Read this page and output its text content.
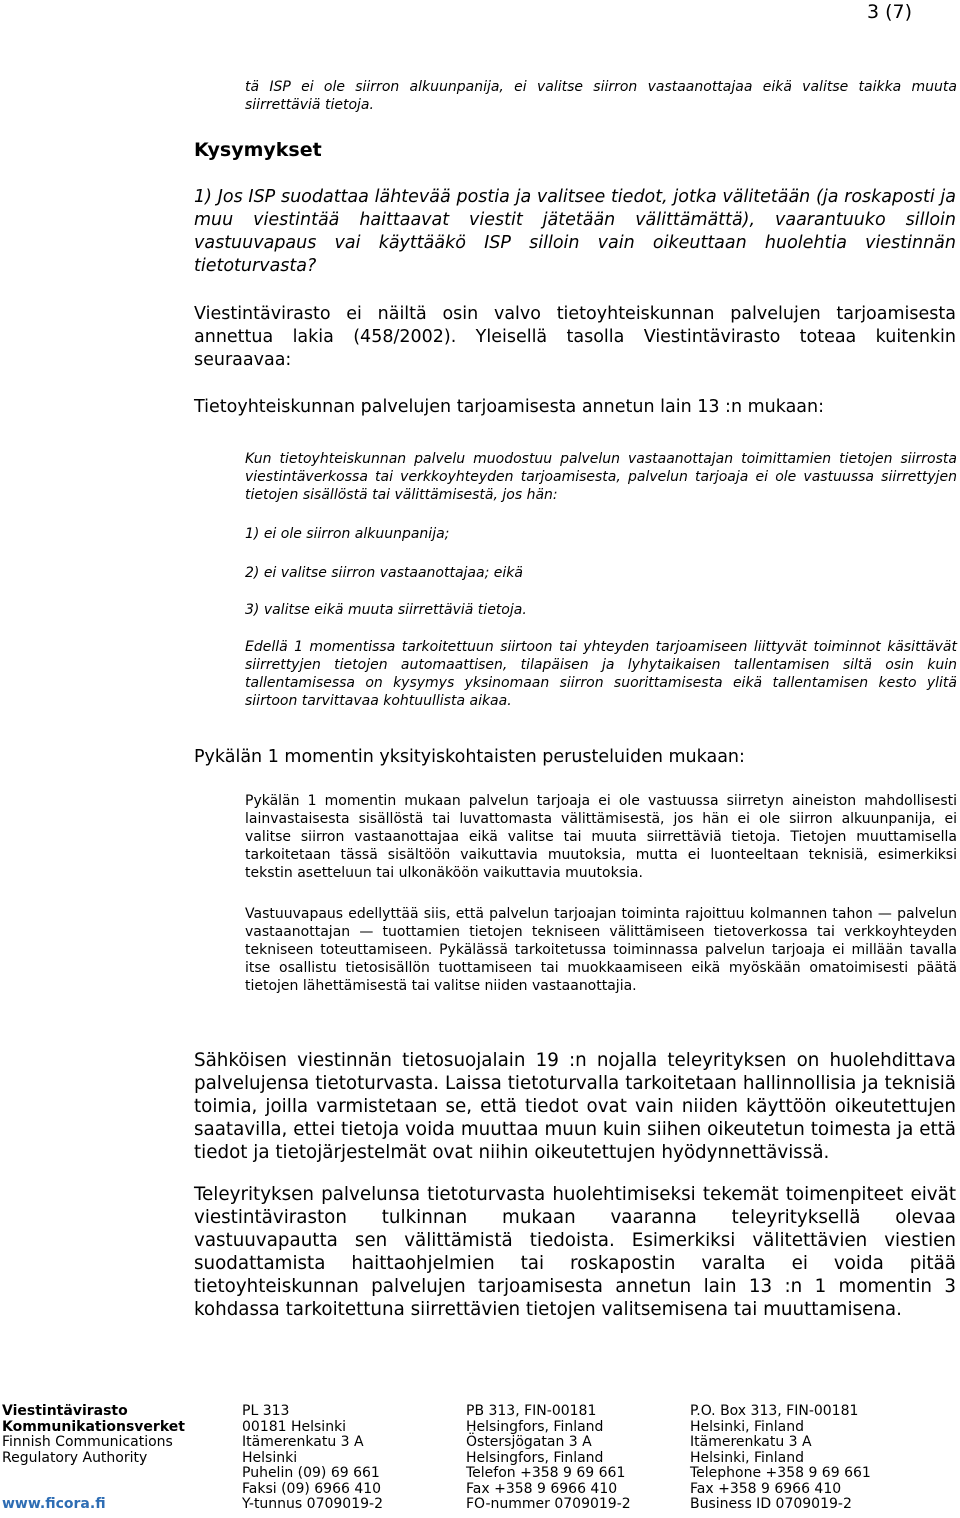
3 (7)
tä ISP ei ole siirron alkuunpanija, ei valitse siirron vastaanottajaa eikä valitse taikka muuta siirrettäviä tietoja.
Kysymykset
1) Jos ISP suodattaa lähtevää postia ja valitsee tiedot, jotka välitetään (ja roskaposti ja muu viestintää haittaavat viestit jätetään välittämättä), vaarantuuko silloin vastuuvapaus vai käyttääkö ISP silloin vain oikeuttaan huolehtia viestinnän tietoturvasta?
Viestintävirasto ei näiltä osin valvo tietoyhteiskunnan palvelujen tarjoamisesta annettua lakia (458/2002). Yleisellä tasolla Viestintävirasto toteaa kuitenkin seuraavaa:
Tietoyhteiskunnan palvelujen tarjoamisesta annetun lain 13 :n mukaan:
Kun tietoyhteiskunnan palvelu muodostuu palvelun vastaanottajan toimittamien tietojen siirrosta viestintäverkossa tai verkkoyhteyden tarjoamisesta, palvelun tarjoaja ei ole vastuussa siirrettyjen tietojen sisällöstä tai välittämisestä, jos hän:
1) ei ole siirron alkuunpanija;
2) ei valitse siirron vastaanottajaa; eikä
3) valitse eikä muuta siirrettäviä tietoja.
Edellä 1 momentissa tarkoitettuun siirtoon tai yhteyden tarjoamiseen liittyvät toiminnot käsittävät siirrettyjen tietojen automaattisen, tilapäisen ja lyhytaikaisen tallentamisen siltä osin kuin tallentamisessa on kysymys yksinomaan siirron suorittamisesta eikä tallentamisen kesto ylitä siirtoon tarvittavaa kohtuullista aikaa.
Pykälän 1 momentin yksityiskohtaisten perusteluiden mukaan:
Pykälän 1 momentin mukaan palvelun tarjoaja ei ole vastuussa siirretyn aineiston mahdollisesti lainvastaisesta sisällöstä tai luvattomasta välittämisestä, jos hän ei ole siirron alkuunpanija, ei valitse siirron vastaanottajaa eikä valitse tai muuta siirrettäviä tietoja. Tietojen muuttamisella tarkoitetaan tässä sisältöön vaikuttavia muutoksia, mutta ei luonteeltaan teknisiä, esimerkiksi tekstin asetteluun tai ulkonäköön vaikuttavia muutoksia.
Vastuuvapaus edellyttää siis, että palvelun tarjoajan toiminta rajoittuu kolmannen tahon — palvelun vastaanottajan — tuottamien tietojen tekniseen välittämiseen tietoverkossa tai verkkoyhteyden tekniseen toteuttamiseen. Pykälässä tarkoitetussa toiminnassa palvelun tarjoaja ei millään tavalla itse osallistu tietosisällön tuottamiseen tai muokkaamiseen eikä myöskään omatoimisesti päätä tietojen lähettämisestä tai valitse niiden vastaanottajia.
Sähköisen viestinnän tietosuojalain 19 :n nojalla teleyrityksen on huolehdittava palvelujensa tietoturvasta. Laissa tietoturvalla tarkoitetaan hallinnollisia ja teknisiä toimia, joilla varmistetaan se, että tiedot ovat vain niiden käyttöön oikeutettujen saatavilla, ettei tietoja voida muuttaa muun kuin siihen oikeutetun toimesta ja että tiedot ja tietojärjestelmät ovat niihin oikeutettujen hyödynnettävissä.
Teleyrityksen palvelunsa tietoturvasta huolehtimiseksi tekemät toimenpiteet eivät viestintäviraston tulkinnan mukaan vaaranna teleyrityksellä olevaa vastuuvapautta sen välittämistä tiedoista. Esimerkiksi välitettävien viestien suodattamista haittaohjelmien tai roskapostin varalta ei voida pitää tietoyhteiskunnan palvelujen tarjoamisesta annetun lain 13 :n 1 momentin 3 kohdassa tarkoitettuna siirrettävien tietojen valitsemisena tai muuttamisena.
Viestintävirasto
Kommunikationsverket
Finnish Communications
Regulatory Authority
www.ficora.fi
PL 313
00181 Helsinki
Itämerenkatu 3 A
Helsinki
Puhelin (09) 69 661
Faksi (09) 6966 410
Y-tunnus 0709019-2
PB 313, FIN-00181
Helsingfors, Finland
Östersjögatan 3 A
Helsingfors, Finland
Telefon +358 9 69 661
Fax +358 9 6966 410
FO-nummer 0709019-2
P.O. Box 313, FIN-00181
Helsinki, Finland
Itämerenkatu 3 A
Helsinki, Finland
Telephone +358 9 69 661
Fax +358 9 6966 410
Business ID 0709019-2
